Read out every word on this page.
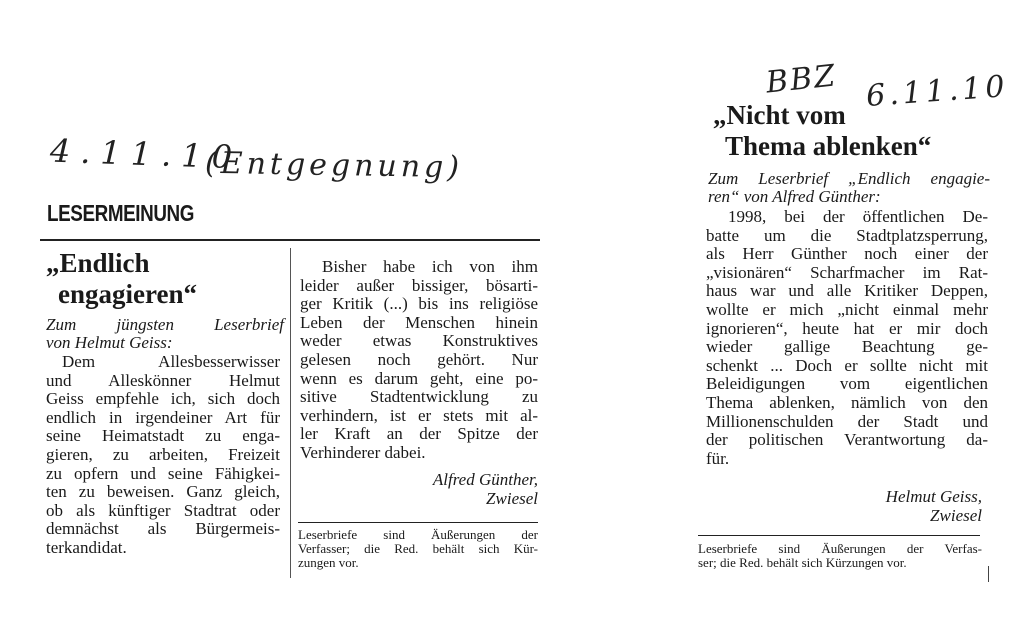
4.11.10
(Entgegnung)
BBZ 6.11.10
LESERMEINUNG
„Endlich
engagieren“
Zum jüngsten Leserbrief
von Helmut Geiss:
Dem Allesbesserwisser
und Alleskönner Helmut
Geiss empfehle ich, sich doch
endlich in irgendeiner Art für
seine Heimatstadt zu enga-
gieren, zu arbeiten, Freizeit
zu opfern und seine Fähigkei-
ten zu beweisen. Ganz gleich,
ob als künftiger Stadtrat oder
demnächst als Bürgermeis-
terkandidat.
Bisher habe ich von ihm
leider außer bissiger, bösarti-
ger Kritik (...) bis ins religiöse
Leben der Menschen hinein
weder etwas Konstruktives
gelesen noch gehört. Nur
wenn es darum geht, eine po-
sitive Stadtentwicklung zu
verhindern, ist er stets mit al-
ler Kraft an der Spitze der
Verhinderer dabei.
Alfred Günther,
Zwiesel
Leserbriefe sind Äußerungen der
Verfasser; die Red. behält sich Kür-
zungen vor.
„Nicht vom
Thema ablenken“
Zum Leserbrief „Endlich engagie-
ren“ von Alfred Günther:
1998, bei der öffentlichen De-
batte um die Stadtplatzsperrung,
als Herr Günther noch einer der
„visionären“ Scharfmacher im Rat-
haus war und alle Kritiker Deppen,
wollte er mich „nicht einmal mehr
ignorieren“, heute hat er mir doch
wieder gallige Beachtung ge-
schenkt ... Doch er sollte nicht mit
Beleidigungen vom eigentlichen
Thema ablenken, nämlich von den
Millionenschulden der Stadt und
der politischen Verantwortung da-
für.
Helmut Geiss,
Zwiesel
Leserbriefe sind Äußerungen der Verfas-
ser; die Red. behält sich Kürzungen vor.
